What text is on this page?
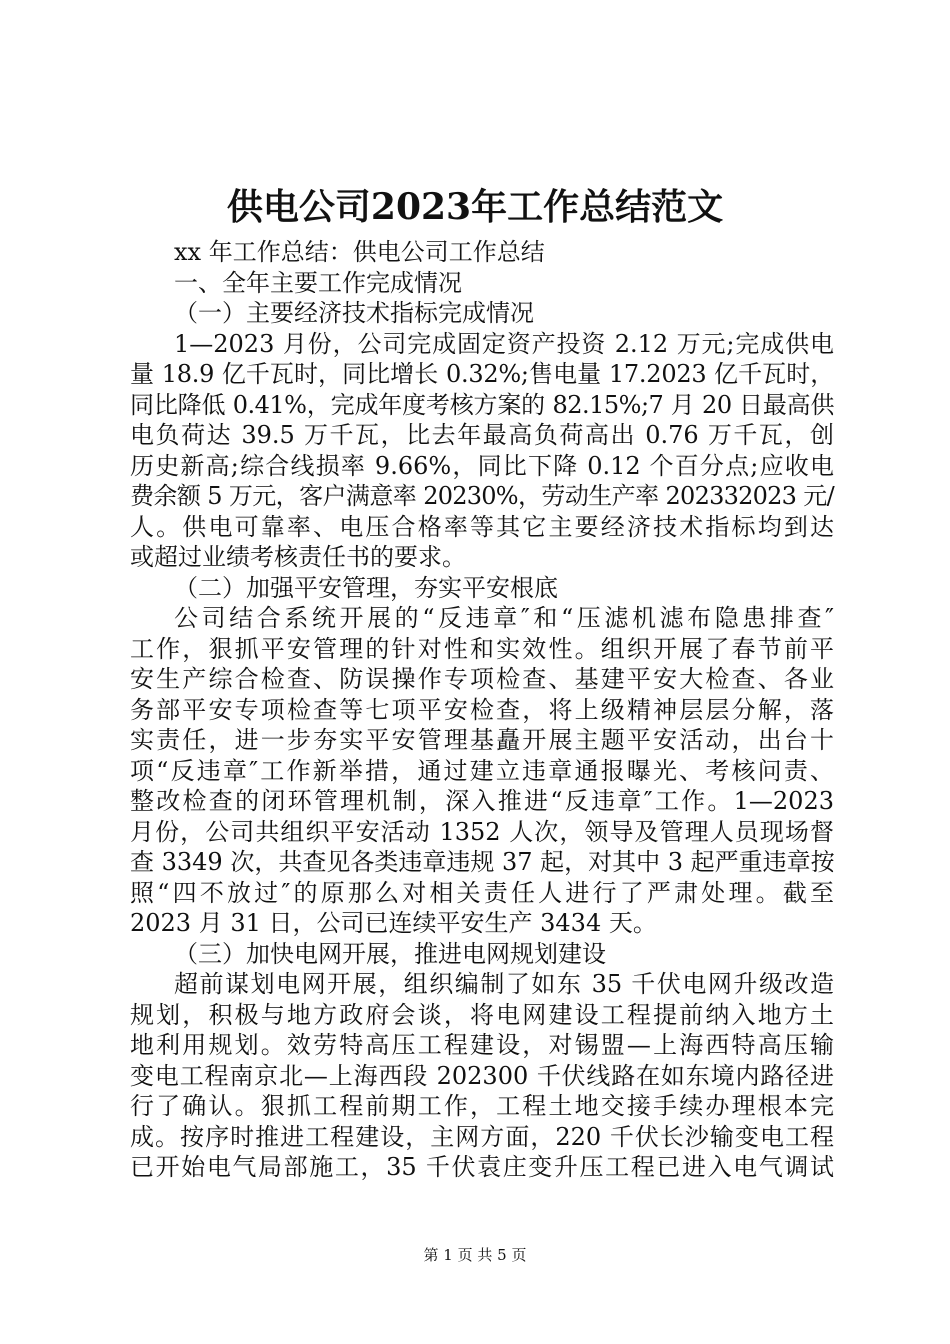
供电公司2023年工作总结范文
xx 年工作总结：供电公司工作总结
一、全年主要工作完成情况
（一）主要经济技术指标完成情况
1—2023 月份，公司完成固定资产投资 2.12 万元;完成供电
量 18.9 亿千瓦时，同比增长 0.32%;售电量 17.2023 亿千瓦时，
同比降低 0.41%，完成年度考核方案的 82.15%;7 月 20 日最高供
电负荷达 39.5 万千瓦，比去年最高负荷高出 0.76 万千瓦，创
历史新高;综合线损率 9.66%，同比下降 0.12 个百分点;应收电
费余额 5 万元，客户满意率 20230%，劳动生产率 202332023 元/
人。供电可靠率、电压合格率等其它主要经济技术指标均到达
或超过业绩考核责任书的要求。
（二）加强平安管理，夯实平安根底
公司结合系统开展的“反违章″和“压滤机滤布隐患排查″
工作，狠抓平安管理的针对性和实效性。组织开展了春节前平
安生产综合检查、防误操作专项检查、基建平安大检查、各业
务部平安专项检查等七项平安检查，将上级精神层层分解，落
实责任，进一步夯实平安管理基矗开展主题平安活动，出台十
项“反违章″工作新举措，通过建立违章通报曝光、考核问责、
整改检查的闭环管理机制，深入推进“反违章″工作。1—2023
月份，公司共组织平安活动 1352 人次，领导及管理人员现场督
查 3349 次，共查见各类违章违规 37 起，对其中 3 起严重违章按
照“四不放过″的原那么对相关责任人进行了严肃处理。截至
2023 月 31 日，公司已连续平安生产 3434 天。
（三）加快电网开展，推进电网规划建设
超前谋划电网开展，组织编制了如东 35 千伏电网升级改造
规划，积极与地方政府会谈，将电网建设工程提前纳入地方土
地利用规划。效劳特高压工程建设，对锡盟—上海西特高压输
变电工程南京北—上海西段 202300 千伏线路在如东境内路径进
行了确认。狠抓工程前期工作，工程土地交接手续办理根本完
成。按序时推进工程建设，主网方面，220 千伏长沙输变电工程
已开始电气局部施工，35 千伏袁庄变升压工程已进入电气调试
第 1 页 共 5 页
